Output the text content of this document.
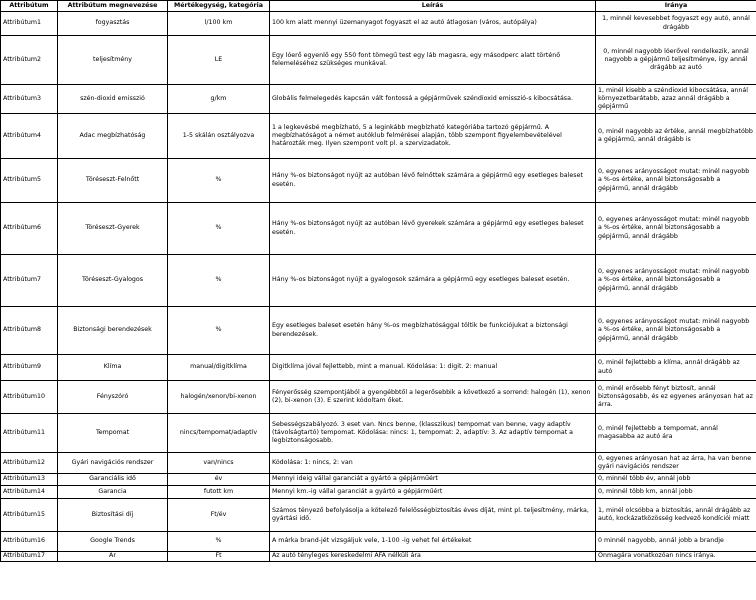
Attribútum	Attribútum megnevezése	Mértékegység, kategória	Leírás	Iránya
Attribútum1	fogyasztás	l/100 km	100 km alatt mennyi üzemanyagot fogyaszt el az autó átlagosan (város, autópálya)	1, minnél kevesebbet fogyaszt egy autó, annál drágább
Attribútum2	teljesítmény	LE	Egy lóerő egyenlő egy 550 font tömegű test egy láb magasra, egy másodperc alatt történő felemeléséhez szükséges munkával.	0, minnél nagyobb lóerővel rendelkezik, annál nagyobb a gépjármű teljesítménye, így annál drágább az autó
Attribútum3	szén-dioxid emisszió	g/km	Globális felmelegedés kapcsán vált fontossá a gépjárművek széndioxid emisszió-s kibocsátása.	1, minél kisebb a széndioxid kibocsátása, annál környezetbarátabb, azaz annál drágább a gépjármű
Attribútum4	Adac megbízhatóság	1-5 skálán osztályozva	1 a legkevésbé megbízható, 5 a leginkább megbízható kategóriába tartozó gépjármű. A megbízhatóságot a német autóklub felmérései alapján, több szempont figyelembevételével határozták meg. Ilyen szempont volt pl. a szervizadatok.	0, minél nagyobb az értéke, annál megbízhatóbb a gépjármű, annál drágább is
Attribútum5	Töréseszt-Felnőtt	%	Hány %-os biztonságot nyújt az autóban lévő felnőttek számára a gépjármű egy esetleges baleset esetén.	0, egyenes arányosságot mutat: minél nagyobb a %-os értéke, annál biztonságosabb a gépjármű, annál drágább
Attribútum6	Töréseszt-Gyerek	%	Hány %-os biztonságot nyújt az autóban lévő gyerekek számára a gépjármű egy esetleges baleset esetén.	0, egyenes arányosságot mutat: minél nagyobb a %-os értéke, annál biztonságosabb a gépjármű, annál drágább
Attribútum7	Töréseszt-Gyalogos	%	Hány %-os biztonságot nyújt a gyalogosok számára a gépjármű egy esetleges baleset esetén.	0, egyenes arányosságot mutat: minél nagyobb a %-os értéke, annál biztonságosabb a gépjármű, annál drágább
Attribútum8	Biztonsági berendezések	%	Egy esetleges baleset esetén hány %-os megbízhatósággal töltik be funkciójukat a biztonsági berendezések.	0, egyenes arányosságot mutat: minél nagyobb a %-os értéke, annál biztonságosabb a gépjármű, annál drágább
Attribútum9	Klíma	manual/digitklíma	Digitklíma jóval fejlettebb, mint a manual. Kódolása: 1: digit. 2: manual	0, minél fejlettebb a klíma, annál drágább az autó
Attribútum10	Fényszóró	halogén/xenon/bi-xenon	Fényerősség szempontjából a gyengébbtől a legerősebbik a következő a sorrend: halogén (1), xenon (2), bi-xenon (3). E szerint kódoltam őket.	0, minél erősebb fényt biztosít, annál biztonságosabb, és ez egyenes arányosan hat az árra.
Attribútum11	Tempomat	nincs/tempomat/adaptív	Sebességszabályozó. 3 eset van. Nncs benne, (klasszikus) tempomat van benne, vagy adaptív (távolságtartó) tempomat. Kódolása: nincs: 1, tempomat: 2, adaptív: 3. Az adaptív tempomat a legbiztonságosabb.	0, minél fejlettebb a tempomat, annál magasabba az autó ára
Attribútum12	Gyári navigációs rendszer	van/nincs	Kódolása: 1: nincs, 2: van	0, egyenes arányosan hat az árra, ha van benne gyári navigációs rendszer
Attribútum13	Garanciális idő	év	Mennyi ideig vállal garanciát a gyártó a gépjárműért	0, minnél több év, annál jobb
Attribútum14	Garancia	futott km	Mennyi km.-ig vállal garanciát a gyártó a gépjárműért	0, minnél több km, annál jobb
Attribútum15	Biztosítási díj	Ft/év	Számos tényező befolyásolja a kötelező felelősségbiztosítás éves díját, mint pl. teljesítmény, márka, gyártási idő.	1, minél olcsóbba a biztosítás, annál drágább az autó, kockázatközösség kedvező kondíciói miatt
Attribútum16	Google Trends	%	A márka brand-jét vizsgáljuk vele, 1-100 -ig vehet fel értékeket	0 minnél nagyobb, annál jobb a brandje
Attribútum17	Ár	Ft	Az autó tényleges kereskedelmi ÁFA nélküli ára	Önmagára vonatkozóan nincs iránya.
